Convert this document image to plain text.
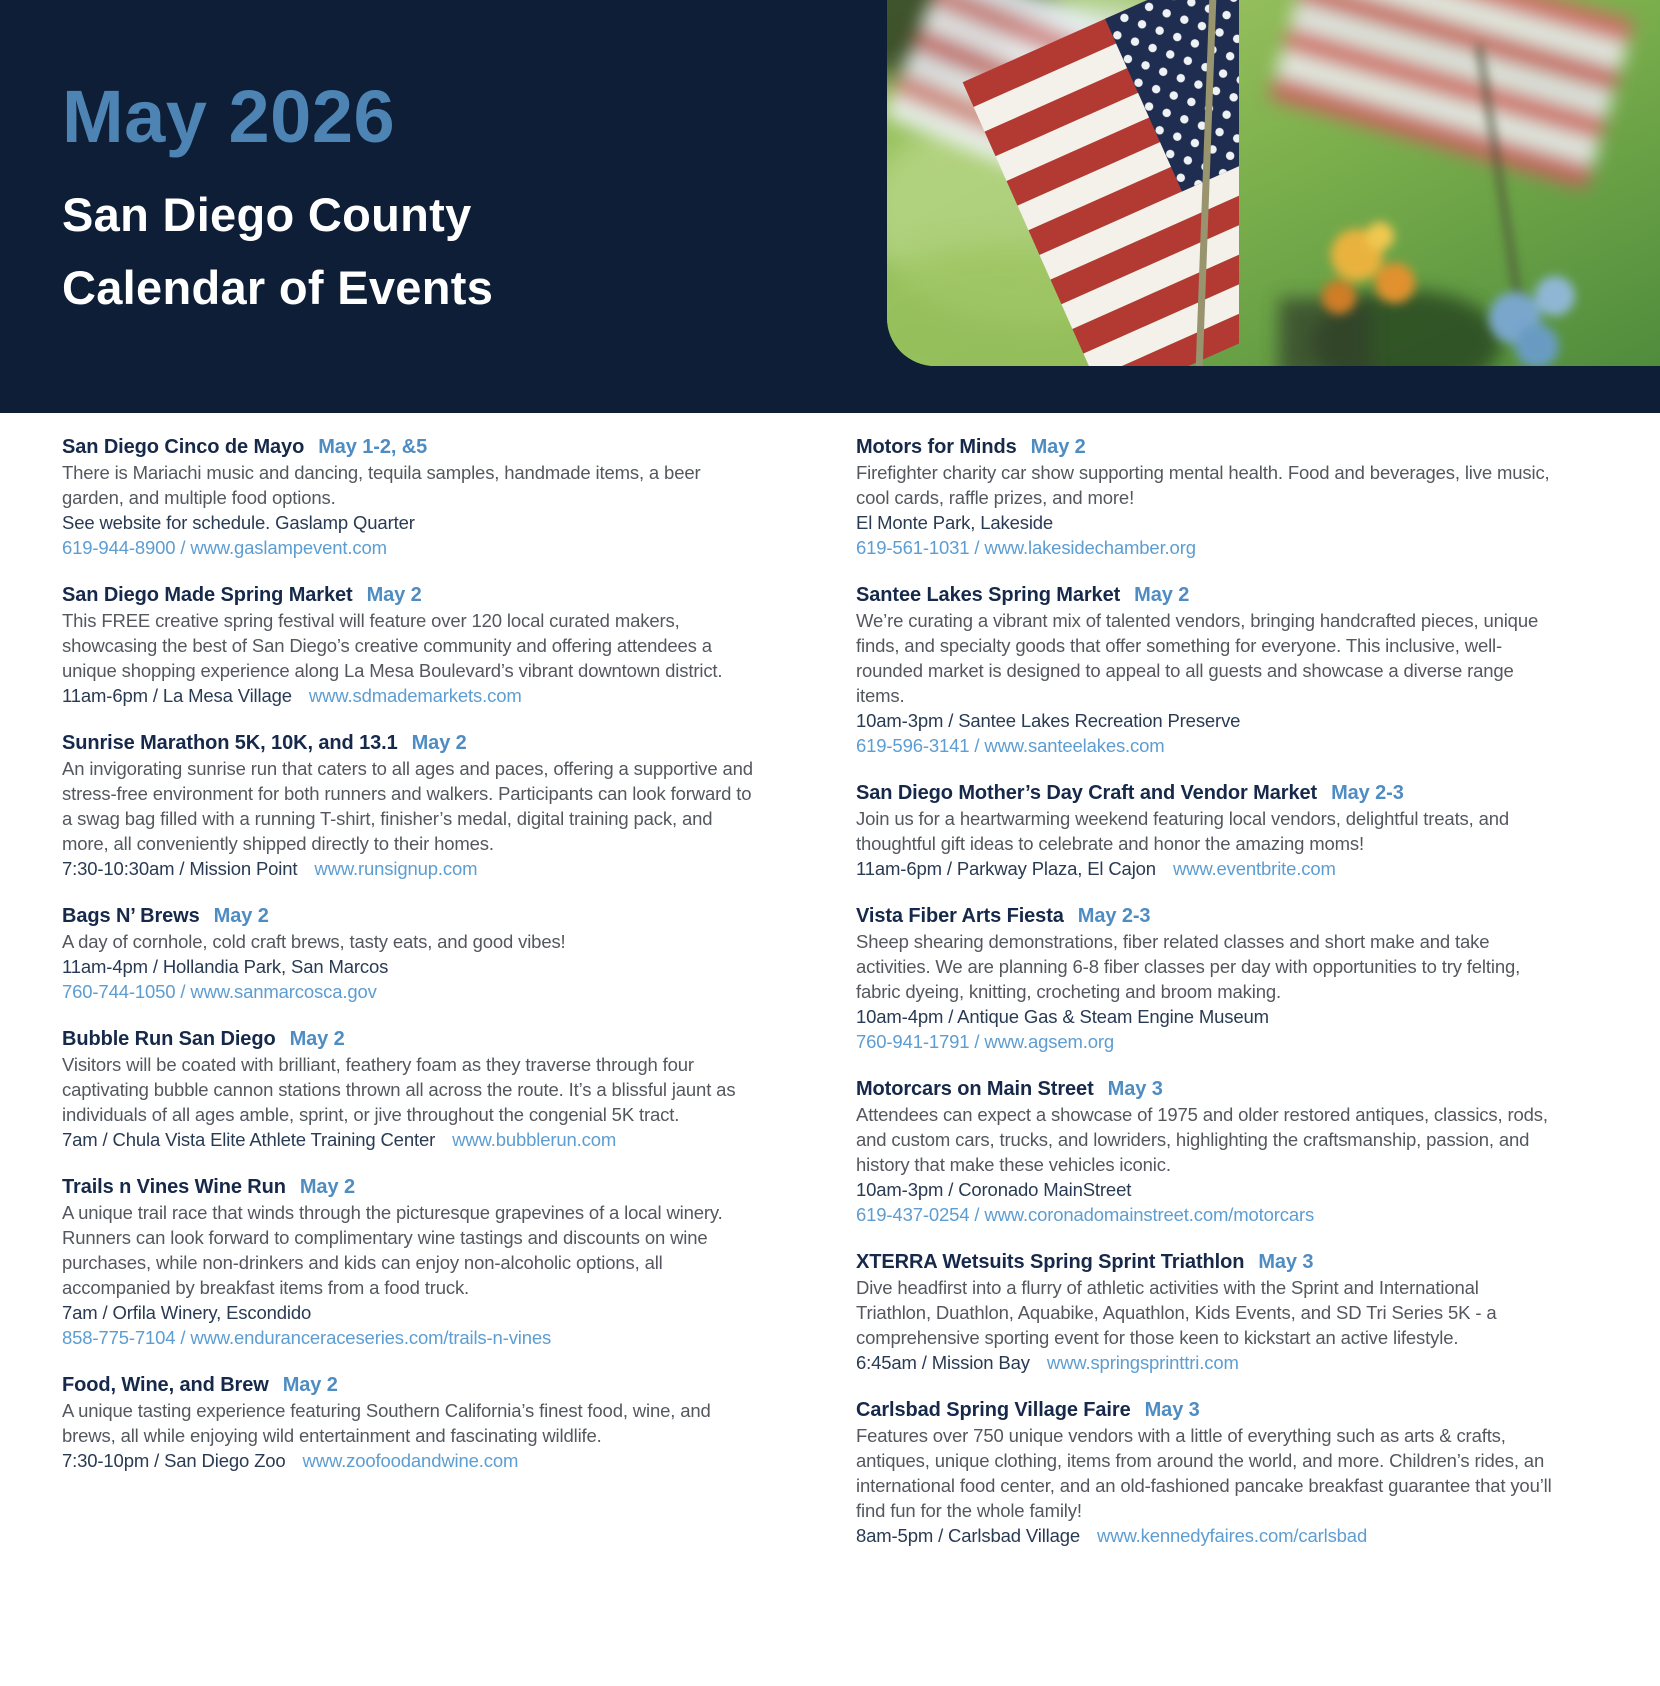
May 2026
San Diego County
Calendar of Events
San Diego Cinco de Mayo May 1-2, &5
There is Mariachi music and dancing, tequila samples, handmade items, a beer garden, and multiple food options.
See website for schedule. Gaslamp Quarter
619-944-8900 / www.gaslampevent.com
San Diego Made Spring Market May 2
This FREE creative spring festival will feature over 120 local curated makers, showcasing the best of San Diego’s creative community and offering attendees a unique shopping experience along La Mesa Boulevard’s vibrant downtown district.
11am-6pm / La Mesa Village www.sdmademarkets.com
Sunrise Marathon 5K, 10K, and 13.1 May 2
An invigorating sunrise run that caters to all ages and paces, offering a supportive and stress-free environment for both runners and walkers. Participants can look forward to a swag bag filled with a running T-shirt, finisher’s medal, digital training pack, and more, all conveniently shipped directly to their homes.
7:30-10:30am / Mission Point www.runsignup.com
Bags N’ Brews May 2
A day of cornhole, cold craft brews, tasty eats, and good vibes!
11am-4pm / Hollandia Park, San Marcos
760-744-1050 / www.sanmarcosca.gov
Bubble Run San Diego May 2
Visitors will be coated with brilliant, feathery foam as they traverse through four captivating bubble cannon stations thrown all across the route. It’s a blissful jaunt as individuals of all ages amble, sprint, or jive throughout the congenial 5K tract.
7am / Chula Vista Elite Athlete Training Center www.bubblerun.com
Trails n Vines Wine Run May 2
A unique trail race that winds through the picturesque grapevines of a local winery. Runners can look forward to complimentary wine tastings and discounts on wine purchases, while non-drinkers and kids can enjoy non-alcoholic options, all accompanied by breakfast items from a food truck.
7am / Orfila Winery, Escondido
858-775-7104 / www.enduranceraceseries.com/trails-n-vines
Food, Wine, and Brew May 2
A unique tasting experience featuring Southern California’s finest food, wine, and brews, all while enjoying wild entertainment and fascinating wildlife.
7:30-10pm / San Diego Zoo www.zoofoodandwine.com
Motors for Minds May 2
Firefighter charity car show supporting mental health. Food and beverages, live music, cool cards, raffle prizes, and more!
El Monte Park, Lakeside
619-561-1031 / www.lakesidechamber.org
Santee Lakes Spring Market May 2
We’re curating a vibrant mix of talented vendors, bringing handcrafted pieces, unique finds, and specialty goods that offer something for everyone. This inclusive, well-rounded market is designed to appeal to all guests and showcase a diverse range items.
10am-3pm / Santee Lakes Recreation Preserve
619-596-3141 / www.santeelakes.com
San Diego Mother’s Day Craft and Vendor Market May 2-3
Join us for a heartwarming weekend featuring local vendors, delightful treats, and thoughtful gift ideas to celebrate and honor the amazing moms!
11am-6pm / Parkway Plaza, El Cajon www.eventbrite.com
Vista Fiber Arts Fiesta May 2-3
Sheep shearing demonstrations, fiber related classes and short make and take activities. We are planning 6-8 fiber classes per day with opportunities to try felting, fabric dyeing, knitting, crocheting and broom making.
10am-4pm / Antique Gas & Steam Engine Museum
760-941-1791 / www.agsem.org
Motorcars on Main Street May 3
Attendees can expect a showcase of 1975 and older restored antiques, classics, rods, and custom cars, trucks, and lowriders, highlighting the craftsmanship, passion, and history that make these vehicles iconic.
10am-3pm / Coronado MainStreet
619-437-0254 / www.coronadomainstreet.com/motorcars
XTERRA Wetsuits Spring Sprint Triathlon May 3
Dive headfirst into a flurry of athletic activities with the Sprint and International Triathlon, Duathlon, Aquabike, Aquathlon, Kids Events, and SD Tri Series 5K - a comprehensive sporting event for those keen to kickstart an active lifestyle.
6:45am / Mission Bay www.springsprinttri.com
Carlsbad Spring Village Faire May 3
Features over 750 unique vendors with a little of everything such as arts & crafts, antiques, unique clothing, items from around the world, and more. Children’s rides, an international food center, and an old-fashioned pancake breakfast guarantee that you’ll find fun for the whole family!
8am-5pm / Carlsbad Village www.kennedyfaires.com/carlsbad
